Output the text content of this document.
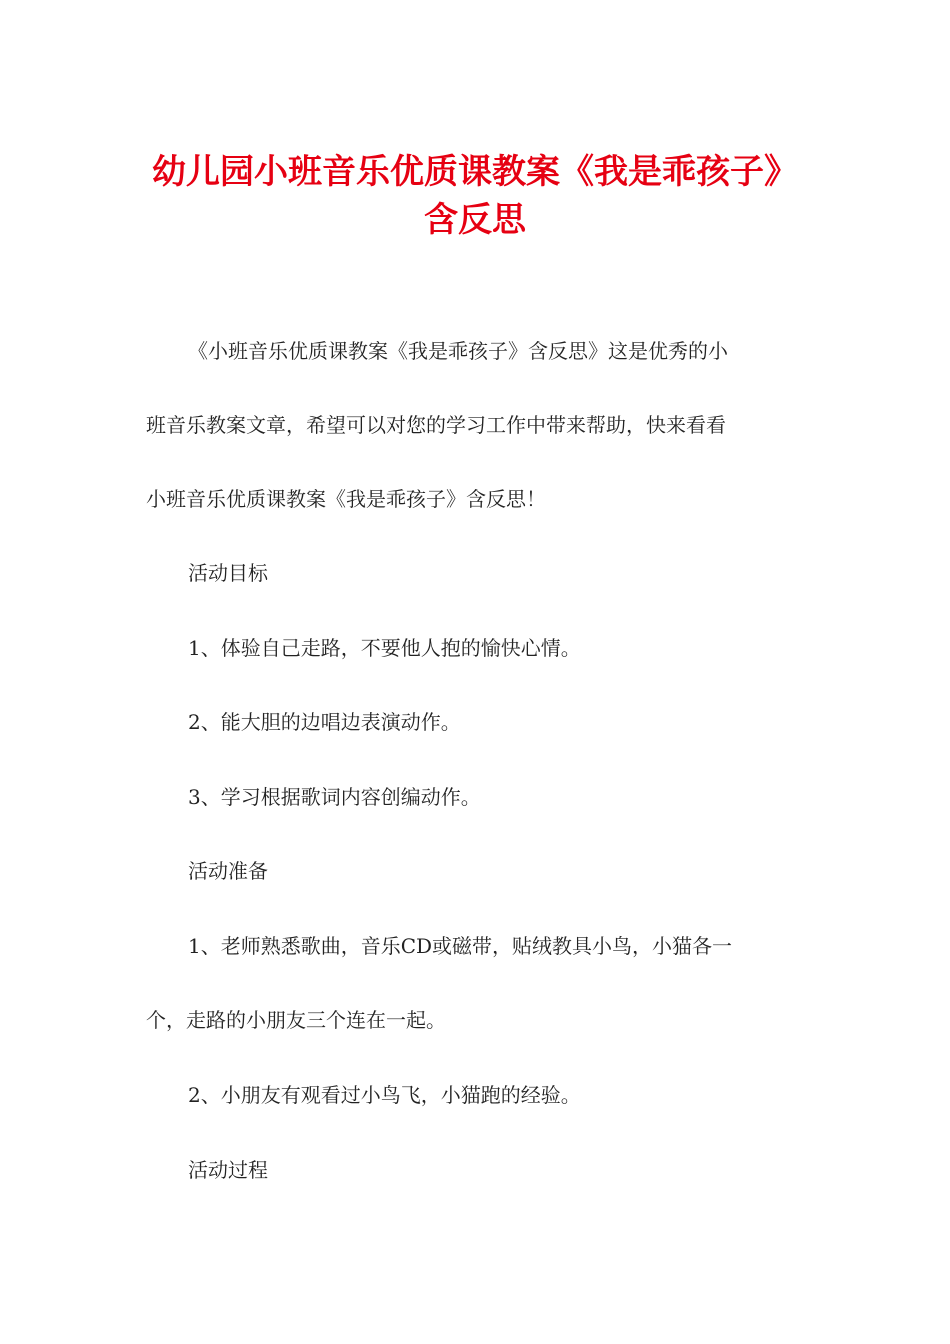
幼儿园小班音乐优质课教案《我是乖孩子》
含反思

《小班音乐优质课教案《我是乖孩子》含反思》这是优秀的小

班音乐教案文章，希望可以对您的学习工作中带来帮助，快来看看

小班音乐优质课教案《我是乖孩子》含反思！

活动目标

1、体验自己走路，不要他人抱的愉快心情。

2、能大胆的边唱边表演动作。

3、学习根据歌词内容创编动作。

活动准备

1、老师熟悉歌曲，音乐CD或磁带，贴绒教具小鸟，小猫各一

个，走路的小朋友三个连在一起。

2、小朋友有观看过小鸟飞，小猫跑的经验。

活动过程
